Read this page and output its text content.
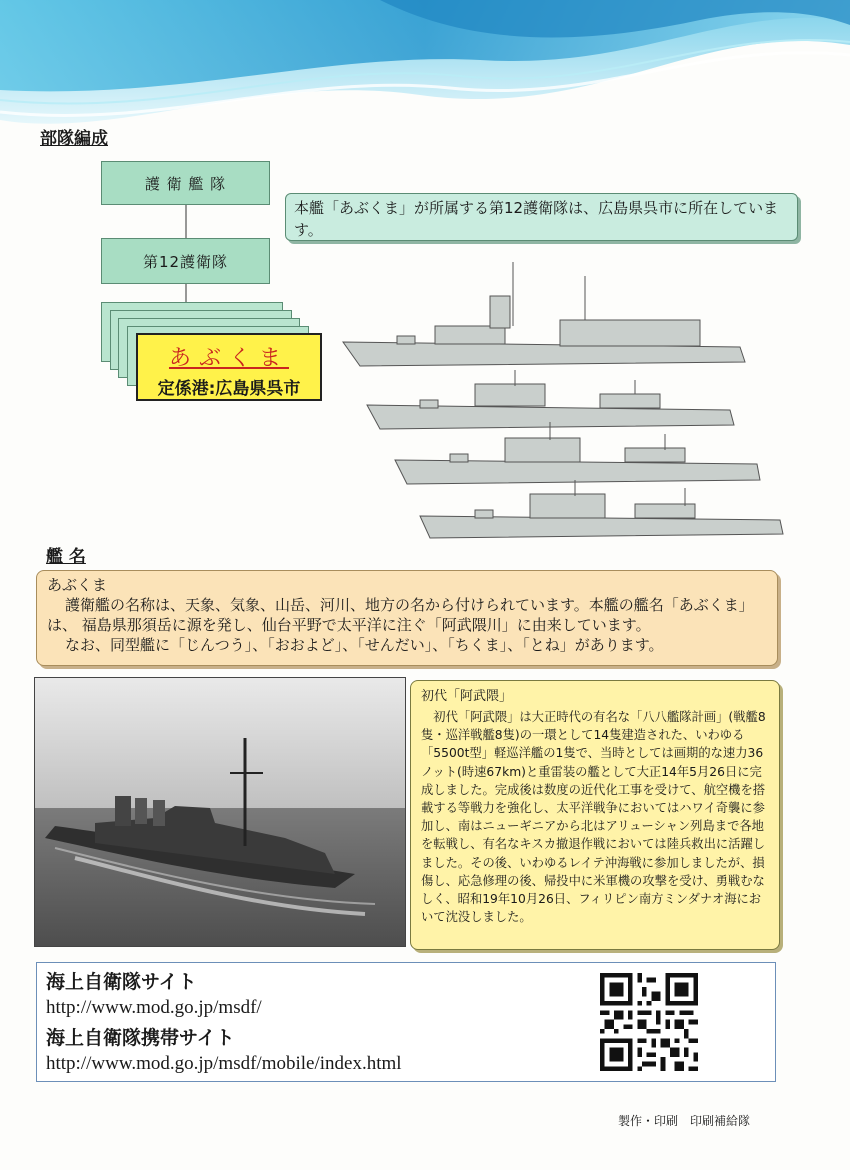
部隊編成
護 衛 艦 隊
第12護衛隊
あぶくま
定係港:広島県呉市
本艦「あぶくま」が所属する第12護衛隊は、広島県呉市に所在しています。
艦 名

あぶくま

護衛艦の名称は、天象、気象、山岳、河川、地方の名から付けられています。本艦の艦名「あぶくま」は、 福島県那須岳に源を発し、仙台平野で太平洋に注ぐ「阿武隈川」に由来しています。

なお、同型艦に「じんつう」、「おおよど」、「せんだい」、「ちくま」、「とね」があります。

初代「阿武隈」

初代「阿武隈」は大正時代の有名な「八八艦隊計画」(戦艦8隻・巡洋戦艦8隻)の一環として14隻建造された、いわゆる「5500t型」軽巡洋艦の1隻で、当時としては画期的な速力36ノット(時速67km)と重雷装の艦として大正14年5月26日に完成しました。完成後は数度の近代化工事を受けて、航空機を搭載する等戦力を強化し、太平洋戦争においてはハワイ奇襲に参加し、南はニューギニアから北はアリューシャン列島まで各地を転戦し、有名なキスカ撤退作戦においては陸兵救出に活躍しました。その後、いわゆるレイテ沖海戦に参加しましたが、損傷し、応急修理の後、帰投中に米軍機の攻撃を受け、勇戦むなしく、昭和19年10月26日、フィリピン南方ミンダナオ海において沈没しました。

海上自衛隊サイト
http://www.mod.go.jp/msdf/
海上自衛隊携帯サイト
http://www.mod.go.jp/msdf/mobile/index.html
製作・印刷　印刷補給隊
